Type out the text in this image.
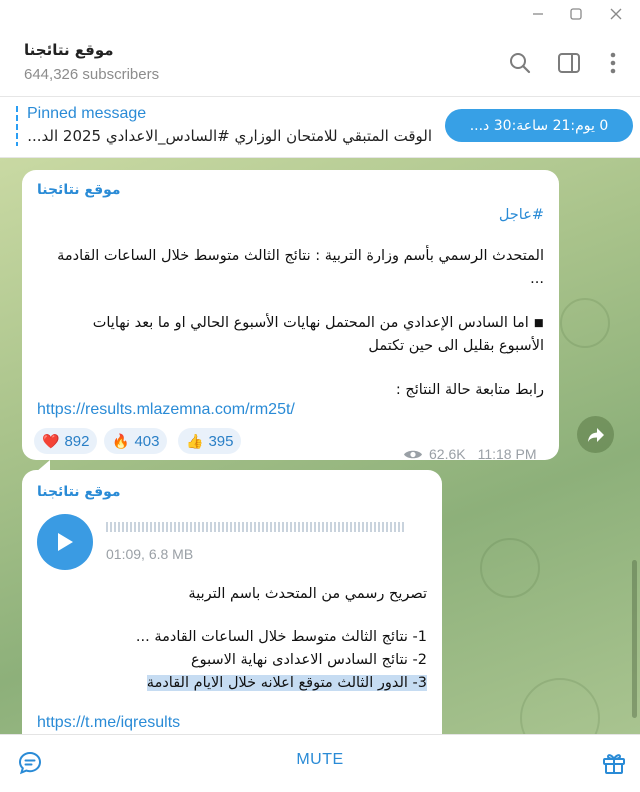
موقع نتائجنا
644,326 subscribers
Pinned message
الوقت المتبقي للامتحان الوزاري #السادس_الاعدادي 2025 الد...
0 يوم:21 ساعة:30 د...
موقع نتائجنا
#عاجل
المتحدث الرسمي بأسم وزارة التربية : نتائج الثالث متوسط خلال الساعات القادمة
...
◾ اما السادس الإعدادي من المحتمل نهايات الأسبوع الحالي او ما بعد نهايات
الأسبوع بقليل الى حين تكتمل
رابط متابعة حالة النتائج :
https://results.mlazemna.com/rm25t/
❤️ 892 🔥 403 👍 395
62.6K 11:18 PM
موقع نتائجنا
01:09, 6.8 MB
تصريح رسمي من المتحدث باسم التربية
1- نتائج الثالث متوسط خلال الساعات القادمة ...
2- نتائج السادس الاعدادى نهاية الاسبوع
3- الدور الثالث متوقع اعلانه خلال الايام القادمة
https://t.me/iqresults
MUTE
